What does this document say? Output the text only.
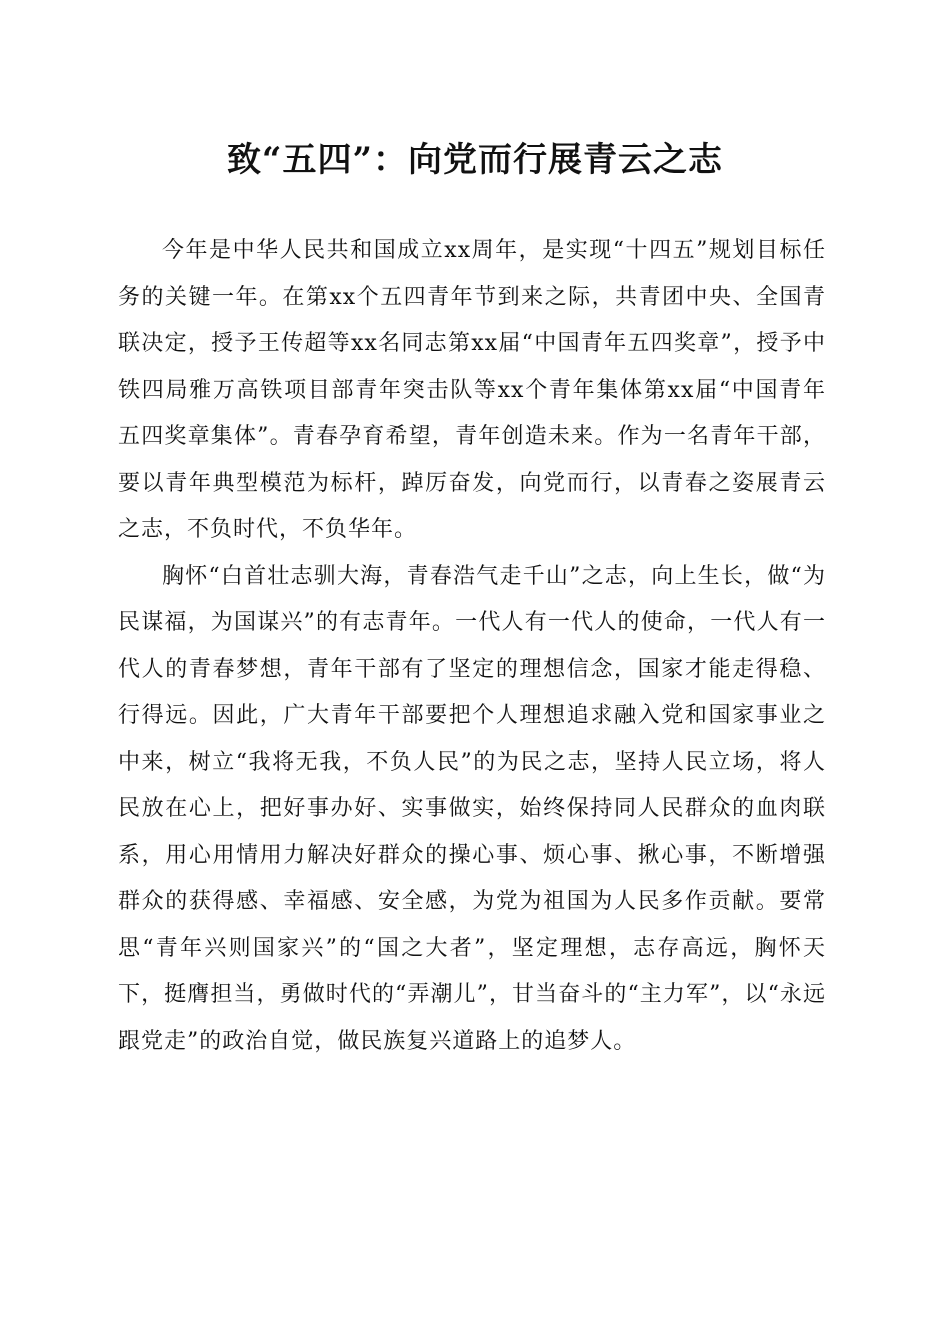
致“五四”：向党而行展青云之志

今年是中华人民共和国成立xx周年，是实现“十四五”规划目标任务的关键一年。在第xx个五四青年节到来之际，共青团中央、全国青联决定，授予王传超等xx名同志第xx届“中国青年五四奖章”，授予中铁四局雅万高铁项目部青年突击队等xx个青年集体第xx届“中国青年五四奖章集体”。青春孕育希望，青年创造未来。作为一名青年干部，要以青年典型模范为标杆，踔厉奋发，向党而行，以青春之姿展青云之志，不负时代，不负华年。

胸怀“白首壮志驯大海，青春浩气走千山”之志，向上生长，做“为民谋福，为国谋兴”的有志青年。一代人有一代人的使命，一代人有一代人的青春梦想，青年干部有了坚定的理想信念，国家才能走得稳、行得远。因此，广大青年干部要把个人理想追求融入党和国家事业之中来，树立“我将无我，不负人民”的为民之志，坚持人民立场，将人民放在心上，把好事办好、实事做实，始终保持同人民群众的血肉联系，用心用情用力解决好群众的操心事、烦心事、揪心事，不断增强群众的获得感、幸福感、安全感，为党为祖国为人民多作贡献。要常思“青年兴则国家兴”的“国之大者”，坚定理想，志存高远，胸怀天下，挺膺担当，勇做时代的“弄潮儿”，甘当奋斗的“主力军”，以“永远跟党走”的政治自觉，做民族复兴道路上的追梦人。
